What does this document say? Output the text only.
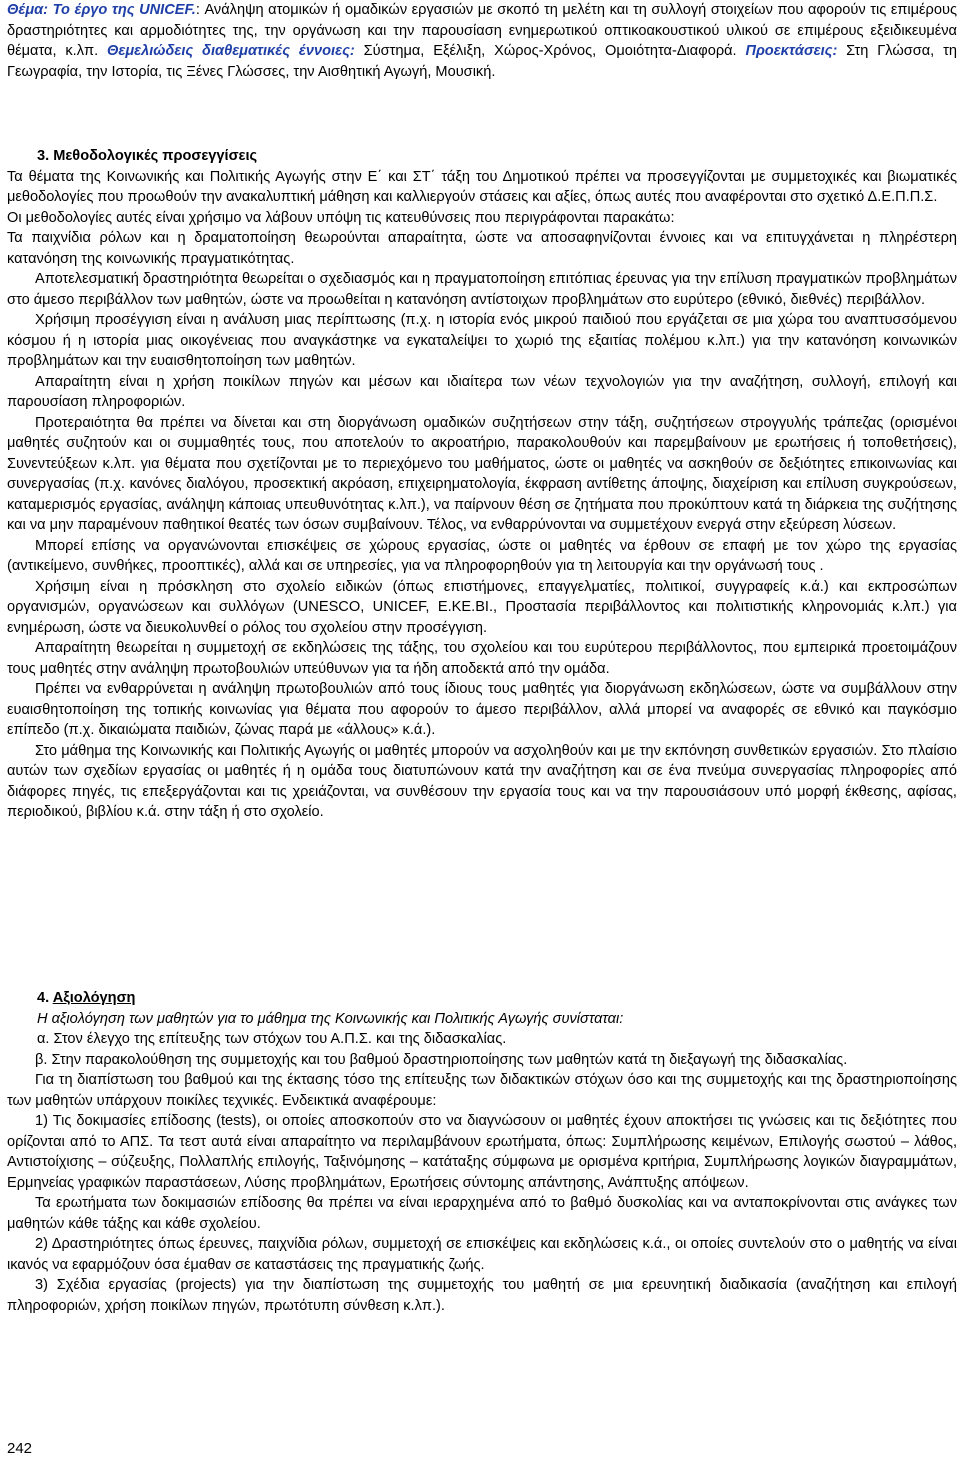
Θέμα: Το έργο της UNICEF.: Ανάληψη ατομικών ή ομαδικών εργασιών με σκοπό τη μελέτη και τη συλλογή στοιχείων που αφορούν τις επιμέρους δραστηριότητες και αρμοδιότητες της, την οργάνωση και την παρουσίαση ενημερωτικού οπτικοακουστικού υλικού σε επιμέρους εξειδικευμένα θέματα, κ.λπ. Θεμελιώδεις διαθεματικές έννοιες: Σύστημα, Εξέλιξη, Χώρος-Χρόνος, Ομοιότητα-Διαφορά. Προεκτάσεις: Στη Γλώσσα, τη Γεωγραφία, την Ιστορία, τις Ξένες Γλώσσες, την Αισθητική Αγωγή, Μουσική.

3. Μεθοδολογικές προσεγγίσεις

Τα θέματα της Κοινωνικής και Πολιτικής Αγωγής στην Ε΄ και ΣΤ΄ τάξη του Δημοτικού πρέπει να προσεγγίζονται με συμμετοχικές και βιωματικές μεθοδολογίες που προωθούν την ανακαλυπτική μάθηση και καλλιεργούν στάσεις και αξίες, όπως αυτές που αναφέρονται στο σχετικό Δ.Ε.Π.Π.Σ.

Οι μεθοδολογίες αυτές είναι χρήσιμο να λάβουν υπόψη τις κατευθύνσεις που περιγράφονται παρακάτω:

Τα παιχνίδια ρόλων και η δραματοποίηση θεωρούνται απαραίτητα, ώστε να αποσαφηνίζονται έννοιες και να επιτυγχάνεται η πληρέστερη κατανόηση της κοινωνικής πραγματικότητας.

Αποτελεσματική δραστηριότητα θεωρείται ο σχεδιασμός και η πραγματοποίηση επιτόπιας έρευνας για την επίλυση πραγματικών προβλημάτων στο άμεσο περιβάλλον των μαθητών, ώστε να προωθείται η κατανόηση αντίστοιχων προβλημάτων στο ευρύτερο (εθνικό, διεθνές) περιβάλλον.

Χρήσιμη προσέγγιση είναι η ανάλυση μιας περίπτωσης (π.χ. η ιστορία ενός μικρού παιδιού που εργάζεται σε μια χώρα του αναπτυσσόμενου κόσμου ή η ιστορία μιας οικογένειας που αναγκάστηκε να εγκαταλείψει το χωριό της εξαιτίας πολέμου κ.λπ.) για την κατανόηση κοινωνικών προβλημάτων και την ευαισθητοποίηση των μαθητών.

Απαραίτητη είναι η χρήση ποικίλων πηγών και μέσων και ιδιαίτερα των νέων τεχνολογιών για την αναζήτηση, συλλογή, επιλογή και παρουσίαση πληροφοριών.

Προτεραιότητα θα πρέπει να δίνεται και στη διοργάνωση ομαδικών συζητήσεων στην τάξη, συζητήσεων στρογγυλής τράπεζας (ορισμένοι μαθητές συζητούν και οι συμμαθητές τους, που αποτελούν το ακροατήριο, παρακολουθούν και παρεμβαίνουν με ερωτήσεις ή τοποθετήσεις), Συνεντεύξεων κ.λπ. για θέματα που σχετίζονται με το περιεχόμενο του μαθήματος, ώστε οι μαθητές να ασκηθούν σε δεξιότητες επικοινωνίας και συνεργασίας (π.χ. κανόνες διαλόγου, προσεκτική ακρόαση, επιχειρηματολογία, έκφραση αντίθετης άποψης, διαχείριση και επίλυση συγκρούσεων, καταμερισμός εργασίας, ανάληψη κάποιας υπευθυνότητας κ.λπ.), να παίρνουν θέση σε ζητήματα που προκύπτουν κατά τη διάρκεια της συζήτησης και να μην παραμένουν παθητικοί θεατές των όσων συμβαίνουν. Τέλος, να ενθαρρύνονται να συμμετέχουν ενεργά στην εξεύρεση λύσεων.

Μπορεί επίσης να οργανώνονται επισκέψεις σε χώρους εργασίας, ώστε οι μαθητές να έρθουν σε επαφή με τον χώρο της εργασίας (αντικείμενο, συνθήκες, προοπτικές), αλλά και σε υπηρεσίες, για να πληροφορηθούν για τη λειτουργία και την οργάνωσή τους .

Χρήσιμη είναι η πρόσκληση στο σχολείο ειδικών (όπως επιστήμονες, επαγγελματίες, πολιτικοί, συγγραφείς κ.ά.) και εκπροσώπων οργανισμών, οργανώσεων και συλλόγων (UNESCO, UNICEF, Ε.ΚΕ.ΒΙ., Προστασία περιβάλλοντος και πολιτιστικής κληρονομιάς κ.λπ.) για ενημέρωση, ώστε να διευκολυνθεί ο ρόλος του σχολείου στην προσέγγιση.

Απαραίτητη θεωρείται η συμμετοχή σε εκδηλώσεις της τάξης, του σχολείου και του ευρύτερου περιβάλλοντος, που εμπειρικά προετοιμάζουν τους μαθητές στην ανάληψη πρωτοβουλιών υπεύθυνων για τα ήδη αποδεκτά από την ομάδα.

Πρέπει να ενθαρρύνεται η ανάληψη πρωτοβουλιών από τους ίδιους τους μαθητές για διοργάνωση εκδηλώσεων, ώστε να συμβάλλουν στην ευαισθητοποίηση της τοπικής κοινωνίας για θέματα που αφορούν το άμεσο περιβάλλον, αλλά μπορεί να αναφορές σε εθνικό και παγκόσμιο επίπεδο (π.χ. δικαιώματα παιδιών, ζώνας παρά με «άλλους» κ.ά.).

Στο μάθημα της Κοινωνικής και Πολιτικής Αγωγής οι μαθητές μπορούν να ασχοληθούν και με την εκπόνηση συνθετικών εργασιών. Στο πλαίσιο αυτών των σχεδίων εργασίας οι μαθητές ή η ομάδα τους διατυπώνουν κατά την αναζήτηση και σε ένα πνεύμα συνεργασίας πληροφορίες από διάφορες πηγές, τις επεξεργάζονται και τις χρειάζονται, να συνθέσουν την εργασία τους και να την παρουσιάσουν υπό μορφή έκθεσης, αφίσας, περιοδικού, βιβλίου κ.ά. στην τάξη ή στο σχολείο.

4. Αξιολόγηση

Η αξιολόγηση των μαθητών για το μάθημα της Κοινωνικής και Πολιτικής Αγωγής συνίσταται:

α. Στον έλεγχο της επίτευξης των στόχων του Α.Π.Σ. και της διδασκαλίας.

β. Στην παρακολούθηση της συμμετοχής και του βαθμού δραστηριοποίησης των μαθητών κατά τη διεξαγωγή της διδασκαλίας.

Για τη διαπίστωση του βαθμού και της έκτασης τόσο της επίτευξης των διδακτικών στόχων όσο και της συμμετοχής και της δραστηριοποίησης των μαθητών υπάρχουν ποικίλες τεχνικές. Ενδεικτικά αναφέρουμε:

1) Τις δοκιμασίες επίδοσης (tests), οι οποίες αποσκοπούν στο να διαγνώσουν οι μαθητές έχουν αποκτήσει τις γνώσεις και τις δεξιότητες που ορίζονται από το ΑΠΣ. Τα τεστ αυτά είναι απαραίτητο να περιλαμβάνουν ερωτήματα, όπως: Συμπλήρωσης κειμένων, Επιλογής σωστού – λάθος, Αντιστοίχισης – σύζευξης, Πολλαπλής επιλογής, Ταξινόμησης – κατάταξης σύμφωνα με ορισμένα κριτήρια, Συμπλήρωσης λογικών διαγραμμάτων, Ερμηνείας γραφικών παραστάσεων, Λύσης προβλημάτων, Ερωτήσεις σύντομης απάντησης, Ανάπτυξης απόψεων.

Τα ερωτήματα των δοκιμασιών επίδοσης θα πρέπει να είναι ιεραρχημένα από το βαθμό δυσκολίας και να ανταποκρίνονται στις ανάγκες των μαθητών κάθε τάξης και κάθε σχολείου.

2) Δραστηριότητες όπως έρευνες, παιχνίδια ρόλων, συμμετοχή σε επισκέψεις και εκδηλώσεις κ.ά., οι οποίες συντελούν στο ο μαθητής να είναι ικανός να εφαρμόζουν όσα έμαθαν σε καταστάσεις της πραγματικής ζωής.

3) Σχέδια εργασίας (projects) για την διαπίστωση της συμμετοχής του μαθητή σε μια ερευνητική διαδικασία (αναζήτηση και επιλογή πληροφοριών, χρήση ποικίλων πηγών, πρωτότυπη σύνθεση κ.λπ.).

242
